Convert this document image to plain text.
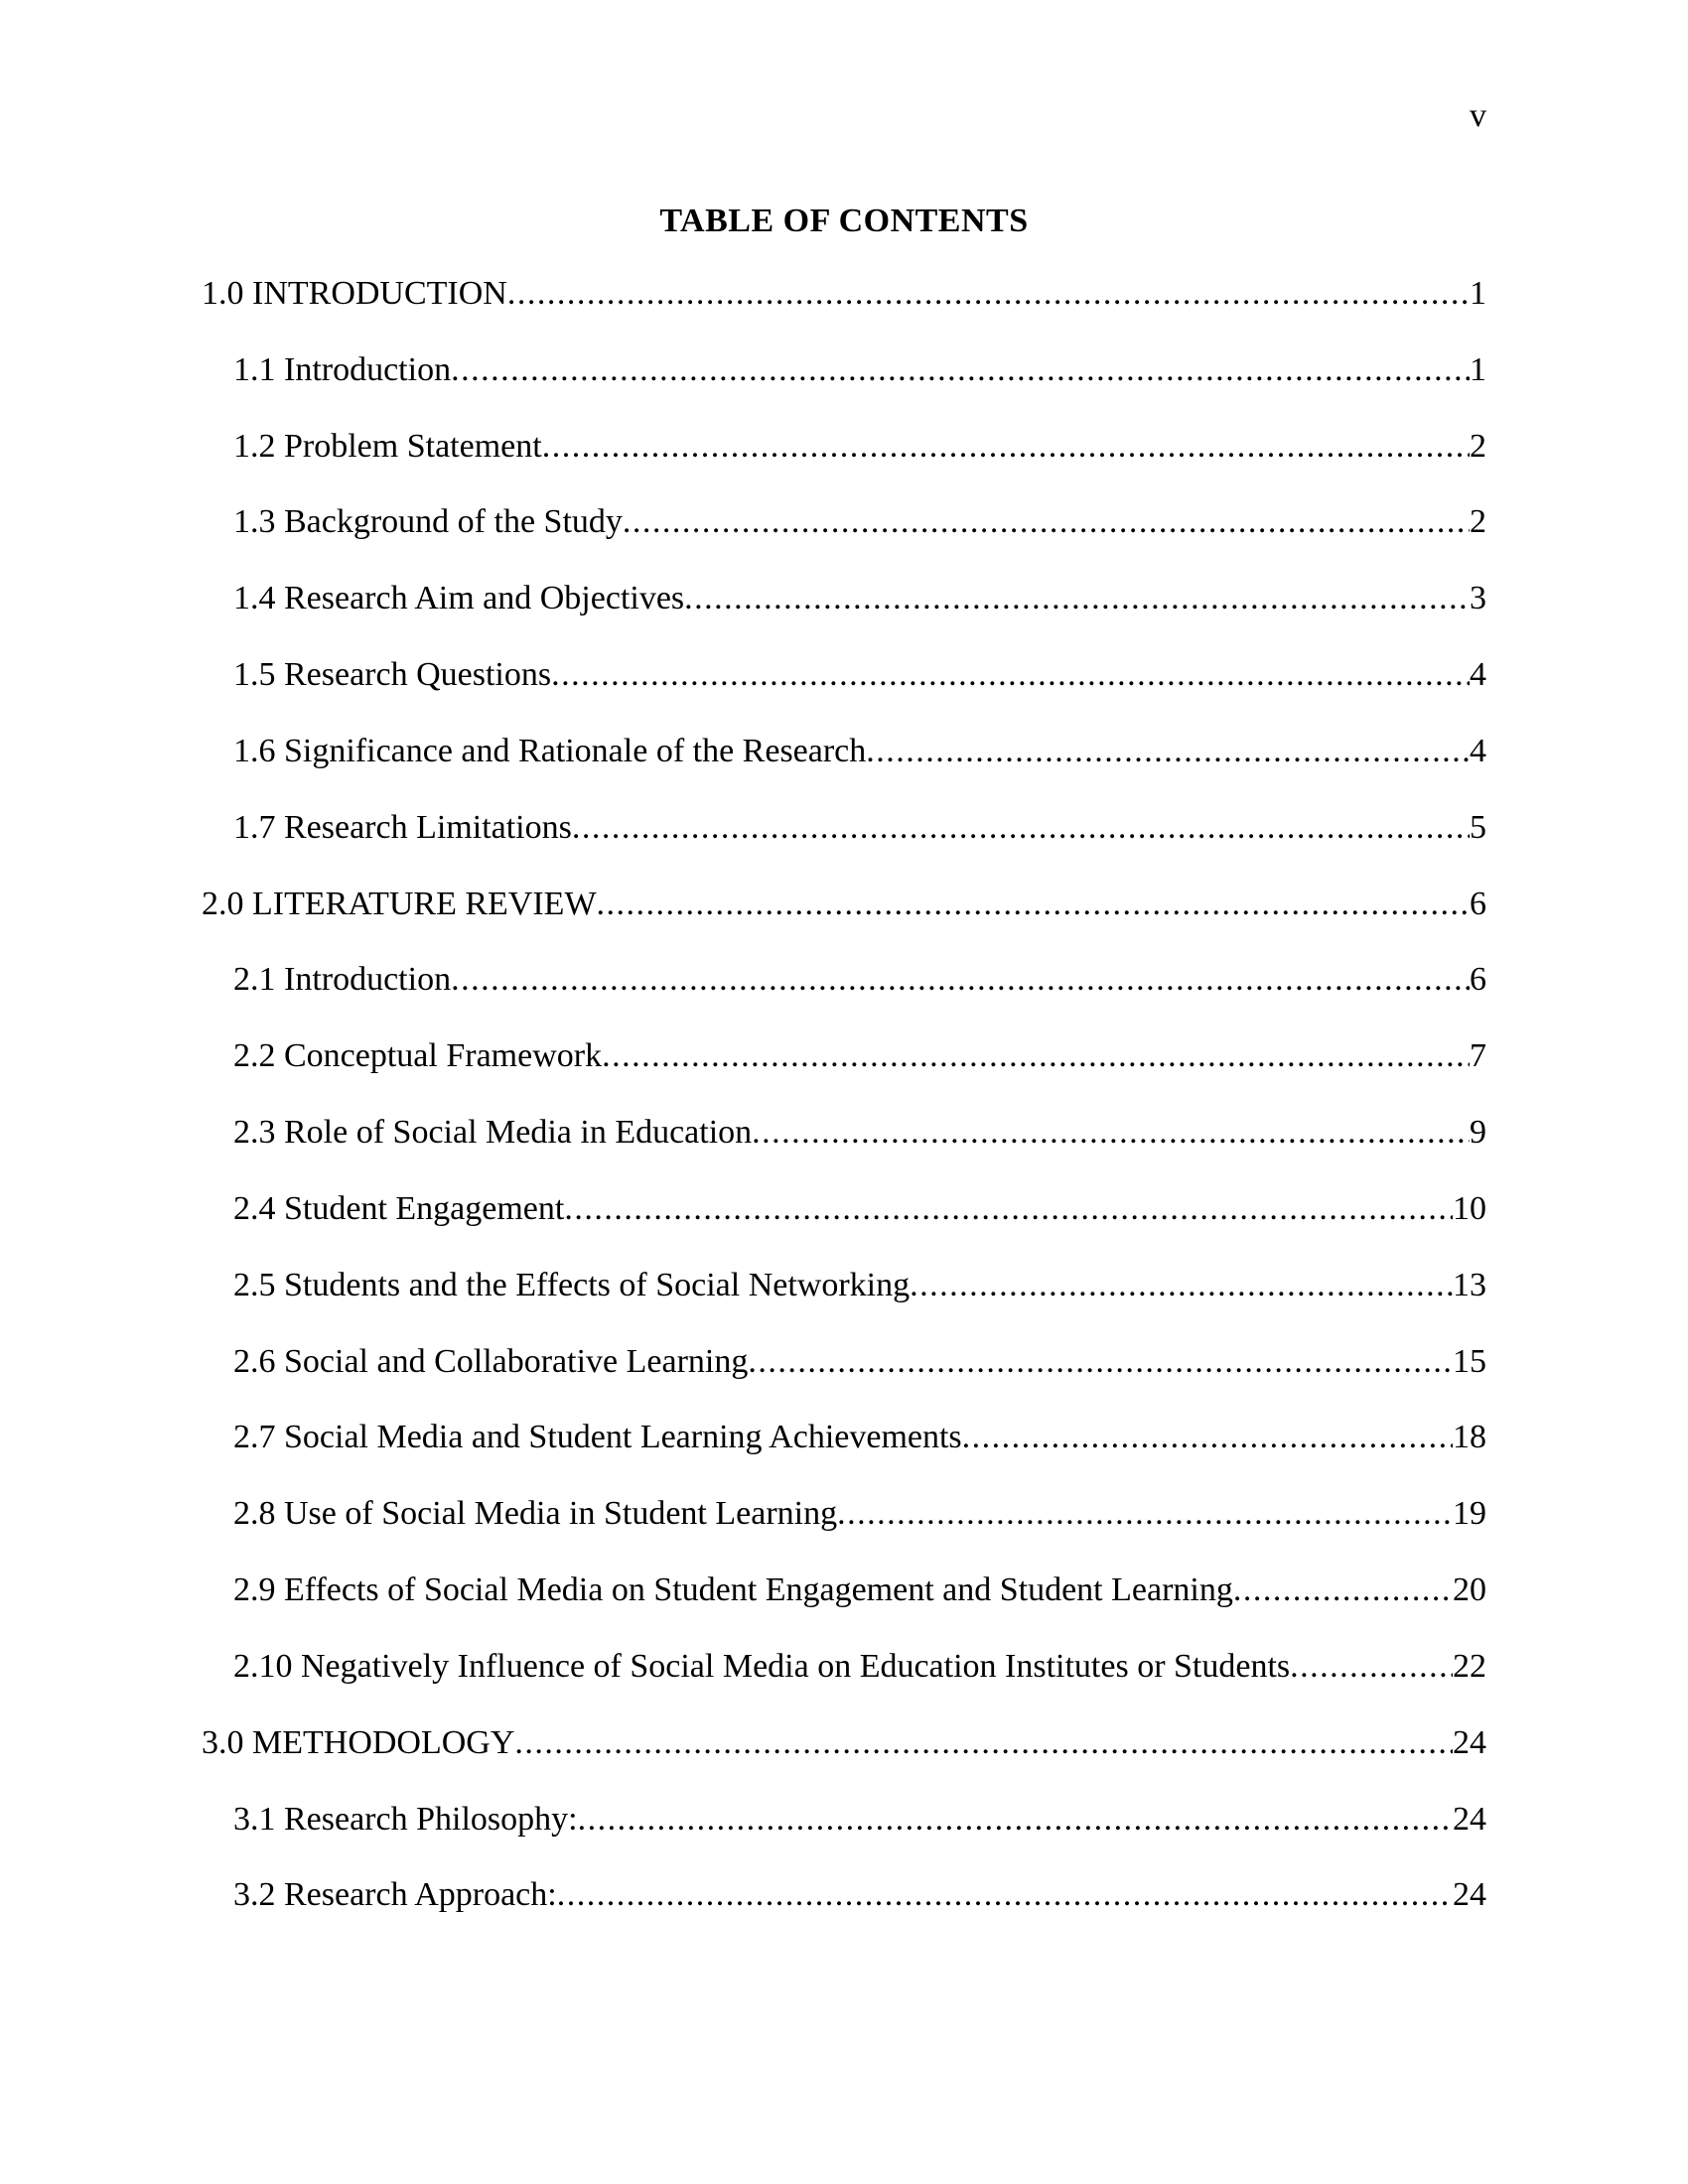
v
TABLE OF CONTENTS
1.0 INTRODUCTION .....	1
1.1 Introduction .....	1
1.2 Problem Statement .....	2
1.3 Background of the Study .....	2
1.4 Research Aim and Objectives .....	3
1.5 Research Questions .....	4
1.6 Significance and Rationale of the Research .....	4
1.7 Research Limitations .....	5
2.0 LITERATURE REVIEW .....	6
2.1 Introduction .....	6
2.2 Conceptual Framework .....	7
2.3 Role of Social Media in Education .....	9
2.4 Student Engagement .....	10
2.5 Students and the Effects of Social Networking .....	13
2.6 Social and Collaborative Learning .....	15
2.7 Social Media and Student Learning Achievements .....	18
2.8 Use of Social Media in Student Learning .....	19
2.9 Effects of Social Media on Student Engagement and Student Learning .....	20
2.10 Negatively Influence of Social Media on Education Institutes or Students .....	22
3.0 METHODOLOGY .....	24
3.1 Research Philosophy: .....	24
3.2 Research Approach: .....	24
